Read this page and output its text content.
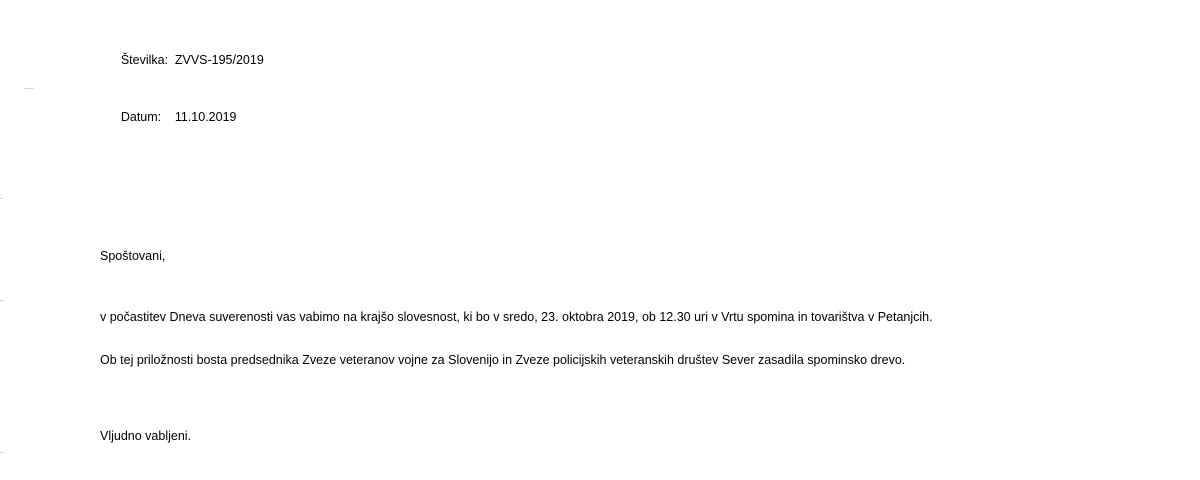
Številka: ZVVS-195/2019

Datum: 11.10.2019

Spoštovani,
v počastitev Dneva suverenosti vas vabimo na krajšo slovesnost, ki bo v sredo, 23. oktobra 2019, ob 12.30 uri v Vrtu spomina in tovarištva v Petanjcih.
Ob tej priložnosti bosta predsednika Zveze veteranov vojne za Slovenijo in Zveze policijskih veteranskih društev Sever zasadila spominsko drevo.
Vljudno vabljeni.
